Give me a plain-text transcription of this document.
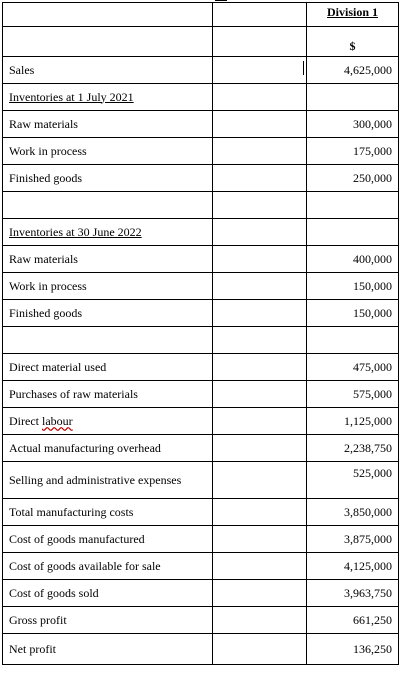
		Division 1
		$
Sales		4,625,000
Inventories at 1 July 2021		
Raw materials		300,000
Work in process		175,000
Finished goods		250,000

Inventories at 30 June 2022		
Raw materials		400,000
Work in process		150,000
Finished goods		150,000

Direct material used		475,000
Purchases of raw materials		575,000
Direct labour		1,125,000
Actual manufacturing overhead		2,238,750
Selling and administrative expenses		525,000
Total manufacturing costs		3,850,000
Cost of goods manufactured		3,875,000
Cost of goods available for sale		4,125,000
Cost of goods sold		3,963,750
Gross profit		661,250
Net profit		136,250
